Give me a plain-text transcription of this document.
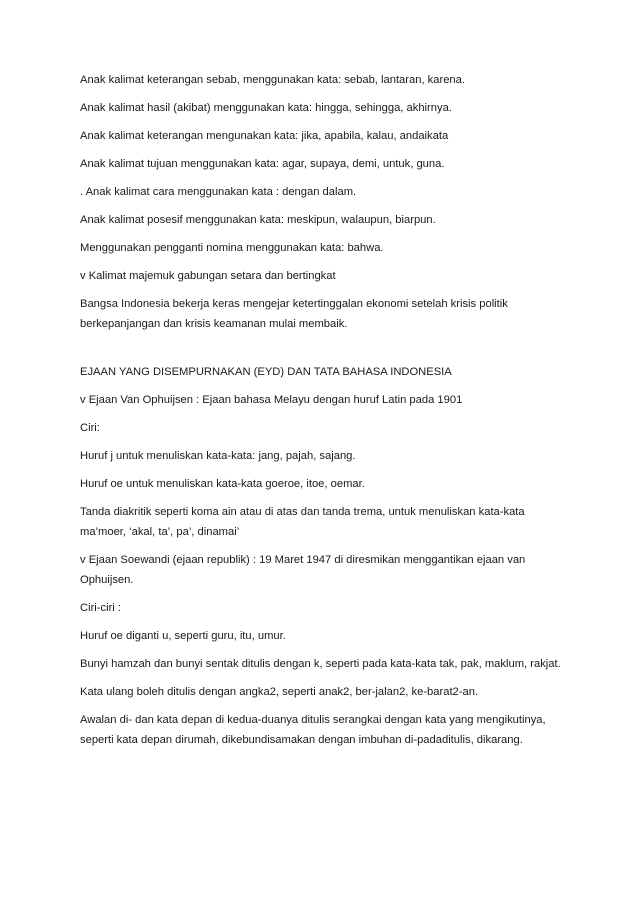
Anak kalimat keterangan sebab, menggunakan kata: sebab, lantaran, karena.

Anak kalimat hasil (akibat) menggunakan kata: hingga, sehingga, akhirnya.

Anak kalimat keterangan mengunakan kata: jika, apabila, kalau, andaikata

Anak kalimat tujuan menggunakan kata: agar, supaya, demi, untuk, guna.

. Anak kalimat cara menggunakan kata : dengan dalam.

Anak kalimat posesif menggunakan kata: meskipun, walaupun, biarpun.

Menggunakan pengganti nomina menggunakan kata: bahwa.

v Kalimat majemuk gabungan setara dan bertingkat

Bangsa Indonesia bekerja keras mengejar ketertinggalan ekonomi setelah krisis politik berkepanjangan dan krisis keamanan mulai membaik.

EJAAN YANG DISEMPURNAKAN (EYD) DAN TATA BAHASA INDONESIA

v Ejaan Van Ophuijsen : Ejaan bahasa Melayu dengan huruf Latin pada 1901

Ciri:

Huruf j untuk menuliskan kata-kata: jang, pajah, sajang.

Huruf oe untuk menuliskan kata-kata goeroe, itoe, oemar.

Tanda diakritik seperti koma ain atau di atas dan tanda trema, untuk menuliskan kata-kata ma’moer, ‘akal, ta’, pa’, dinamai’

v Ejaan Soewandi (ejaan republik) : 19 Maret 1947 di diresmikan menggantikan ejaan van Ophuijsen.

Ciri-ciri :

Huruf oe diganti u, seperti guru, itu, umur.

Bunyi hamzah dan bunyi sentak ditulis dengan k, seperti pada kata-kata tak, pak, maklum, rakjat.

Kata ulang boleh ditulis dengan angka2, seperti anak2, ber-jalan2, ke-barat2-an.

Awalan di- dan kata depan di kedua-duanya ditulis serangkai dengan kata yang mengikutinya, seperti kata depan dirumah, dikebundisamakan dengan imbuhan di-padaditulis, dikarang.
